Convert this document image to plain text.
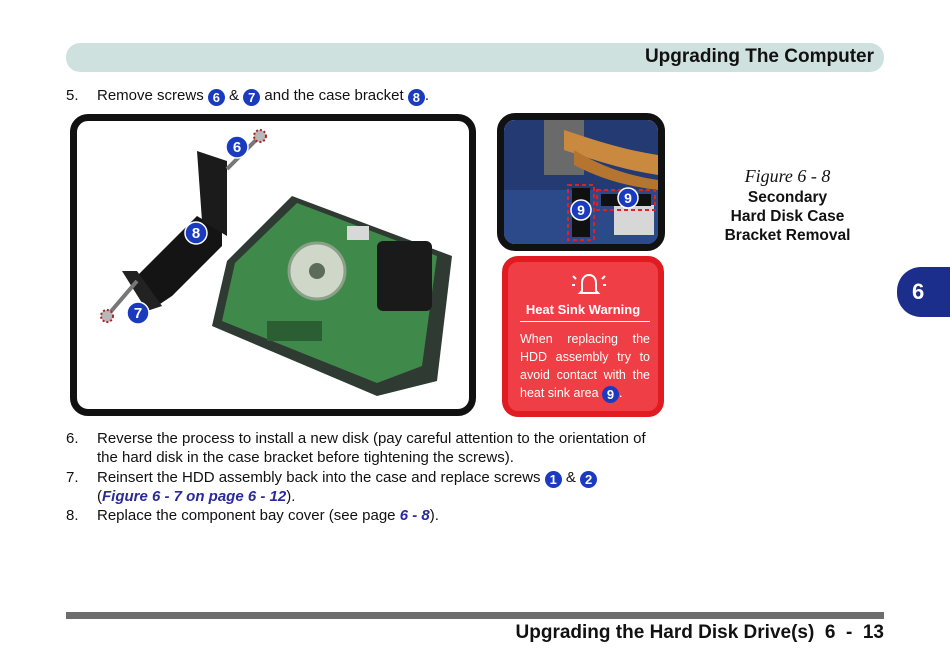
Upgrading The Computer
6
5. Remove screws 6 & 7 and the case bracket 8 .
6
8
7
9
9
Heat Sink Warning
When replacing the HDD assembly try to avoid contact with the heat sink area 9 .
Figure 6 - 8
Secondary
Hard Disk Case
Bracket Removal
6. Reverse the process to install a new disk (pay careful attention to the orientation of
the hard disk in the case bracket before tightening the screws).
7. Reinsert the HDD assembly back into the case and replace screws 1 & 2
(Figure 6 - 7 on page 6 - 12).
8. Replace the component bay cover (see page 6 - 8).
Upgrading the Hard Disk Drive(s)  6  -  13
